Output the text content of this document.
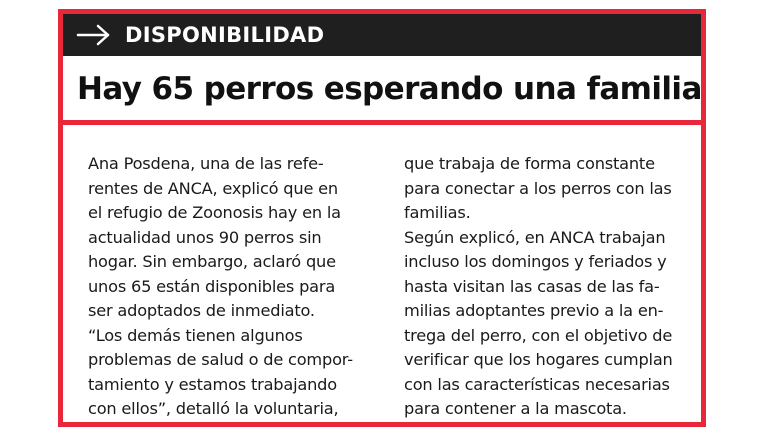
DISPONIBILIDAD
Hay 65 perros esperando una familia
Ana Posdena, una de las refe-
rentes de ANCA, explicó que en
el refugio de Zoonosis hay en la
actualidad unos 90 perros sin
hogar. Sin embargo, aclaró que
unos 65 están disponibles para
ser adoptados de inmediato.
“Los demás tienen algunos
problemas de salud o de compor-
tamiento y estamos trabajando
con ellos”, detalló la voluntaria,
que trabaja de forma constante
para conectar a los perros con las
familias.
Según explicó, en ANCA trabajan
incluso los domingos y feriados y
hasta visitan las casas de las fa-
milias adoptantes previo a la en-
trega del perro, con el objetivo de
verificar que los hogares cumplan
con las características necesarias
para contener a la mascota.
